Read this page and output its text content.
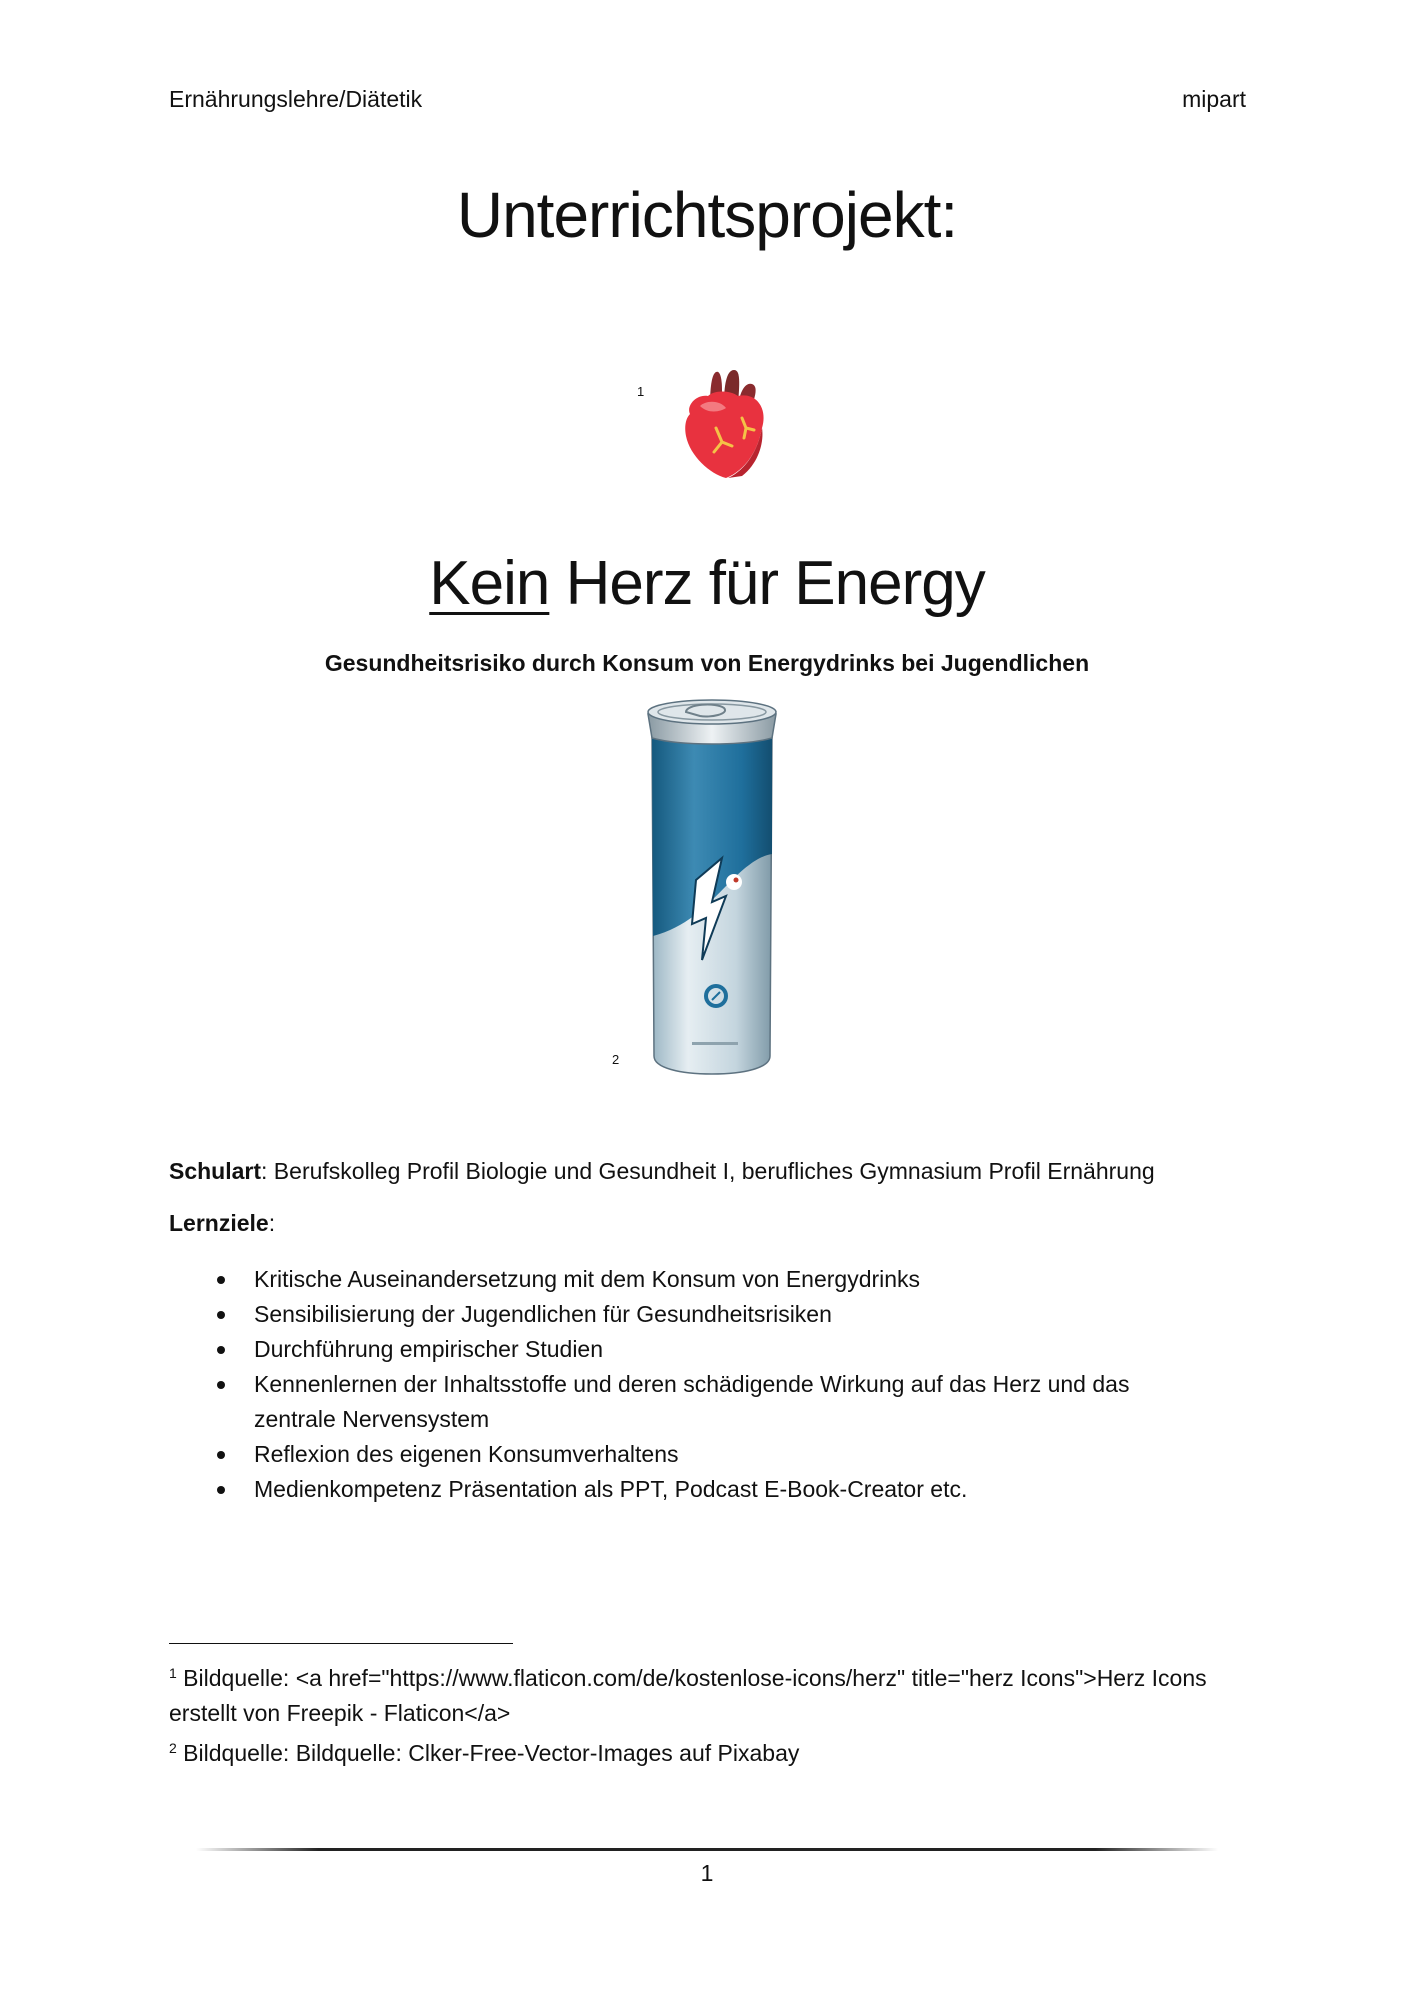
Ernährungslehre/Diätetik	mipart
Unterrichtsprojekt:
1
Kein Herz für Energy
Gesundheitsrisiko durch Konsum von Energydrinks bei Jugendlichen
2
Schulart: Berufskolleg Profil Biologie und Gesundheit I, berufliches Gymnasium Profil Ernährung
Lernziele:
Kritische Auseinandersetzung mit dem Konsum von Energydrinks
Sensibilisierung der Jugendlichen für Gesundheitsrisiken
Durchführung empirischer Studien
Kennenlernen der Inhaltsstoffe und deren schädigende Wirkung auf das Herz und das zentrale Nervensystem
Reflexion des eigenen Konsumverhaltens
Medienkompetenz Präsentation als PPT, Podcast E-Book-Creator etc.
$^1$ Bildquelle: <a href="https://www.flaticon.com/de/kostenlose-icons/herz" title="herz Icons">Herz Icons erstellt von Freepik - Flaticon</a>
$^2$ Bildquelle: Bildquelle: Clker-Free-Vector-Images auf Pixabay
1
